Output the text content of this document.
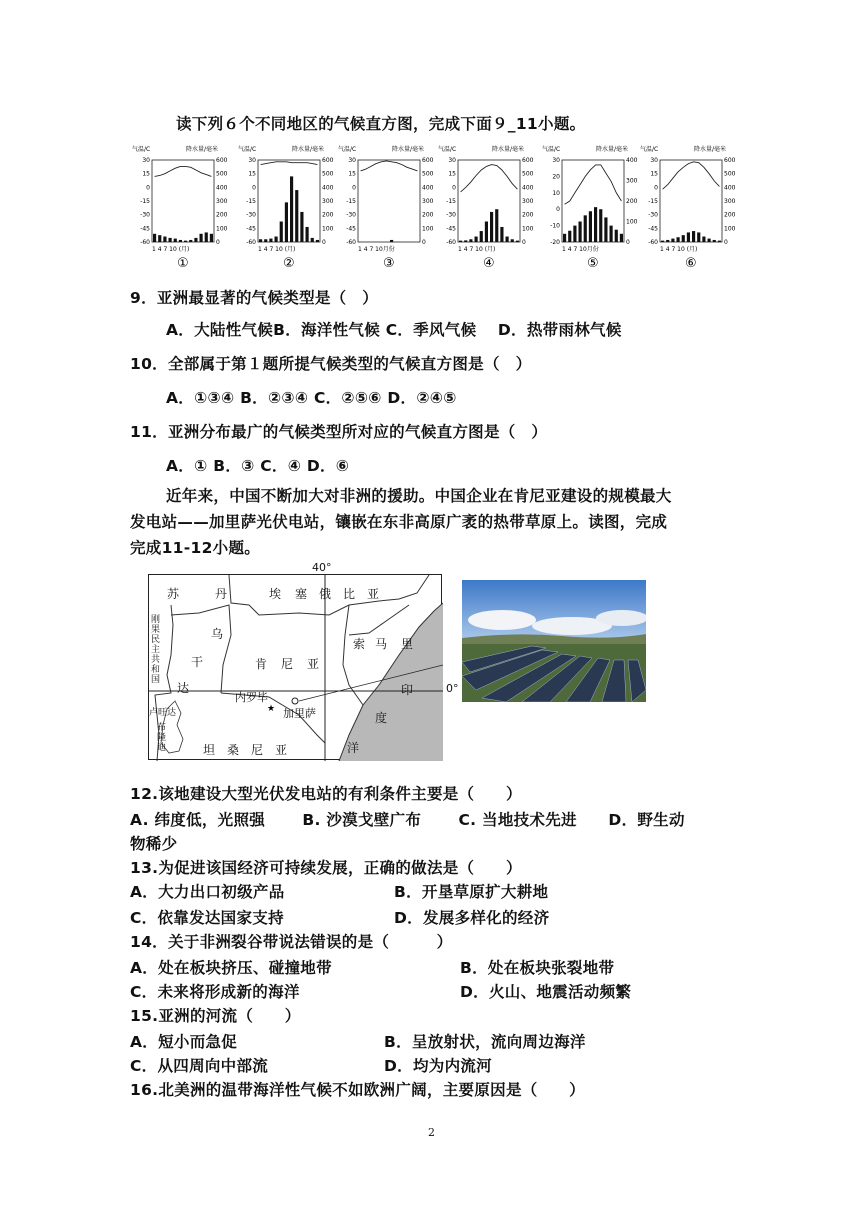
读下列６个不同地区的气候直方图，完成下面９_11小题。
气温/C	降水量/毫米
30
15
0
-15
-30
-45
-60
600
500
400
300
200
100
0
1 4 7 10 (月)
①
气温/C	降水量/毫米
30
15
0
-15
-30
-45
-60
600
500
400
300
200
100
0
1 4 7 10 (月)
②
气温/C	降水量/毫米
30
15
0
-15
-30
-45
-60
600
500
400
300
200
100
0
1 4 7 10月份
③
气温/C	降水量/毫米
30
15
0
-15
-30
-45
-60
600
500
400
300
200
100
0
1 4 7 10 (月)
④
气温/C	降水量/毫米
30
20
10
0
-10
-20
400
300
200
100
0
1 4 7 10月份
⑤
气温/C	降水量/毫米
30
15
0
-15
-30
-45
-60
600
500
400
300
200
100
0
1 4 7 10 (月)
⑥
9．亚洲最显著的气候类型是（　）
A．大陆性气候B．海洋性气候 C．季风气候　 D．热带雨林气候
10．全部属于第１题所提气候类型的气候直方图是（　）
A．①③④ B．②③④ C．②⑤⑥ D．②④⑤
11．亚洲分布最广的气候类型所对应的气候直方图是（　）
A．① B．③ C．④ D．⑥
近年来，中国不断加大对非洲的援助。中国企业在肯尼亚建设的规模最大
发电站——加里萨光伏电站，镶嵌在东非高原广袤的热带草原上。读图，完成
完成11-12小题。
40°
★
苏	丹	埃 塞 俄 比 亚
乌
干
达
肯 尼 亚
索 马 里
印
度
洋
内罗毕
加里萨
坦 桑 尼 亚
刚果民主共和国
卢旺达
布隆迪
0°
12.该地建设大型光伏发电站的有利条件主要是（　　）
A. 纬度低，光照强　　 B. 沙漠戈壁广布　　 C. 当地技术先进　　D．野生动
物稀少
13.为促进该国经济可持续发展，正确的做法是（　　）
A．大力出口初级产品	B．开垦草原扩大耕地
C．依靠发达国家支持	D．发展多样化的经济
14．关于非洲裂谷带说法错误的是（　　　）
A．处在板块挤压、碰撞地带	B．处在板块张裂地带
C．未来将形成新的海洋	D．火山、地震活动频繁
15.亚洲的河流（　　）
A．短小而急促	B．呈放射状，流向周边海洋
C．从四周向中部流	D．均为内流河
16.北美洲的温带海洋性气候不如欧洲广阔，主要原因是（　　）
2
